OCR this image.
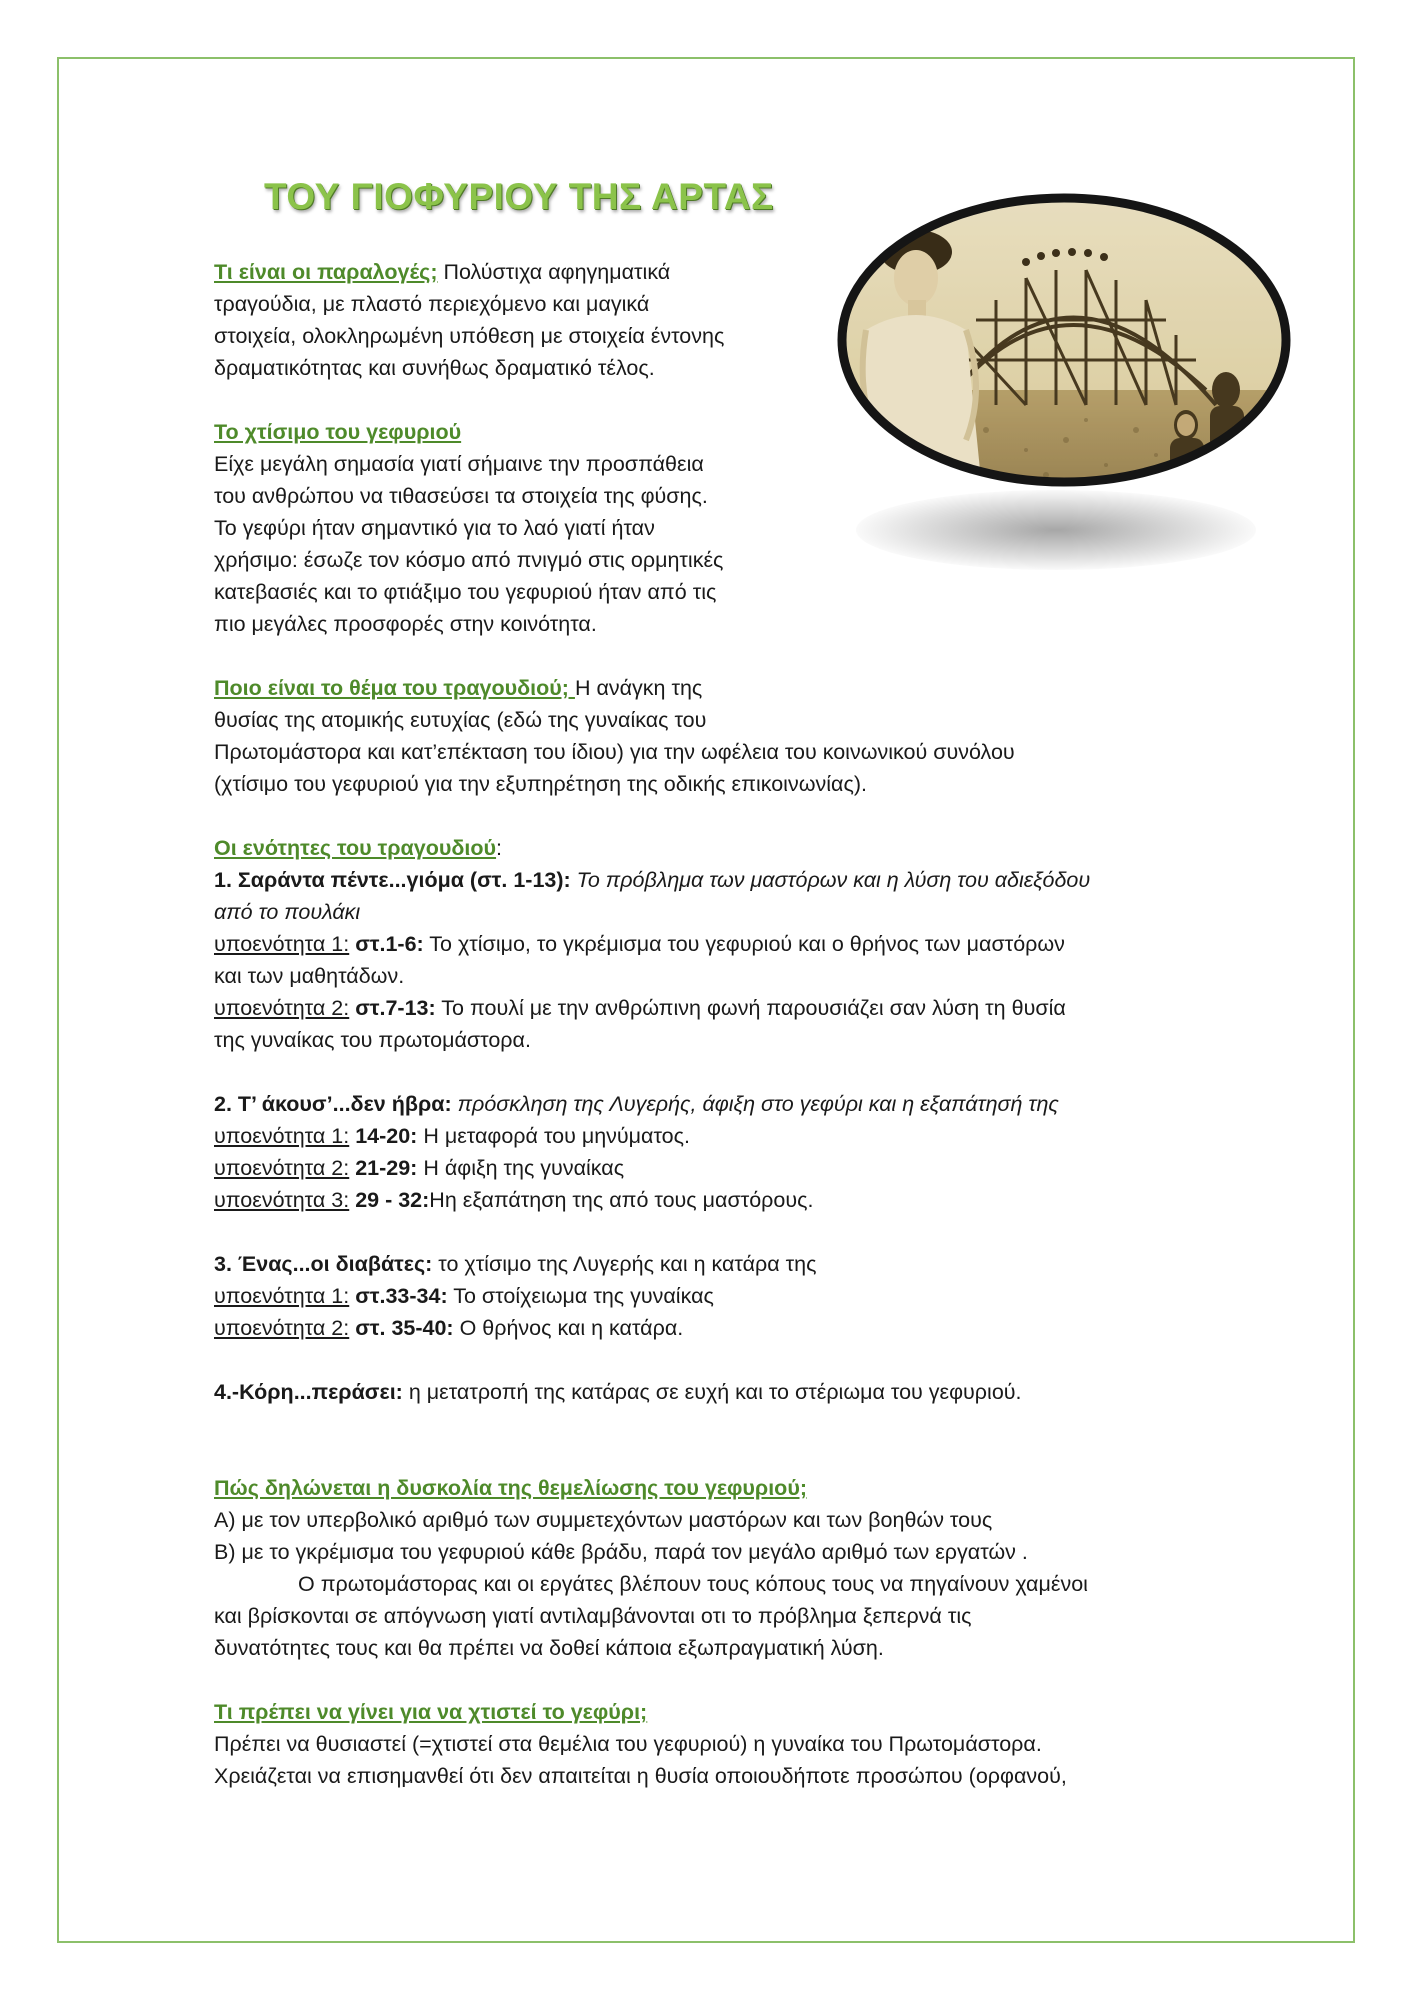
ΤΟΥ ΓΙΟΦΥΡΙΟΥ ΤΗΣ ΑΡΤΑΣ
Τι είναι οι παραλογές; Πολύστιχα αφηγηματικά
τραγούδια, με πλαστό περιεχόμενο και μαγικά
στοιχεία, ολοκληρωμένη υπόθεση με στοιχεία έντονης
δραματικότητας και συνήθως δραματικό τέλος.
Το χτίσιμο του γεφυριού
Είχε μεγάλη σημασία γιατί σήμαινε την προσπάθεια
του ανθρώπου να τιθασεύσει τα στοιχεία της φύσης.
Το γεφύρι ήταν σημαντικό για το λαό γιατί ήταν
χρήσιμο: έσωζε τον κόσμο από πνιγμό στις ορμητικές
κατεβασιές και το φτιάξιμο του γεφυριού ήταν από τις
πιο μεγάλες προσφορές στην κοινότητα.
Ποιο είναι το θέμα του τραγουδιού; Η ανάγκη της
θυσίας της ατομικής ευτυχίας (εδώ της γυναίκας του
Πρωτομάστορα και κατ’επέκταση του ίδιου) για την ωφέλεια του κοινωνικού συνόλου
(χτίσιμο του γεφυριού για την εξυπηρέτηση της οδικής επικοινωνίας).
Οι ενότητες του τραγουδιού:
1. Σαράντα πέντε...γιόμα (στ. 1-13): Το πρόβλημα των μαστόρων και η λύση του αδιεξόδου
από το πουλάκι
υποενότητα 1: στ.1-6: Το χτίσιμο, το γκρέμισμα του γεφυριού και ο θρήνος των μαστόρων
και των μαθητάδων.
υποενότητα 2: στ.7-13: Το πουλί με την ανθρώπινη φωνή παρουσιάζει σαν λύση τη θυσία
της γυναίκας του πρωτομάστορα.

2. Τ’ άκουσ’...δεν ήβρα: πρόσκληση της Λυγερής, άφιξη στο γεφύρι και η εξαπάτησή της
υποενότητα 1: 14-20: Η μεταφορά του μηνύματος.
υποενότητα 2: 21-29: Η άφιξη της γυναίκας
υποενότητα 3: 29 - 32:Ηη εξαπάτηση της από τους μαστόρους.

3. Ένας...οι διαβάτες: το χτίσιμο της Λυγερής και η κατάρα της
υποενότητα 1: στ.33-34: Το στοίχειωμα της γυναίκας
υποενότητα 2: στ. 35-40: Ο θρήνος και η κατάρα.

4.-Κόρη...περάσει: η μετατροπή της κατάρας σε ευχή και το στέριωμα του γεφυριού.
Πώς δηλώνεται η δυσκολία της θεμελίωσης του γεφυριού;
Α) με τον υπερβολικό αριθμό των συμμετεχόντων μαστόρων και των βοηθών τους
Β) με το γκρέμισμα του γεφυριού κάθε βράδυ, παρά τον μεγάλο αριθμό των εργατών .
Ο πρωτομάστορας και οι εργάτες βλέπουν τους κόπους τους να πηγαίνουν χαμένοι
και βρίσκονται σε απόγνωση γιατί αντιλαμβάνονται οτι το πρόβλημα ξεπερνά τις
δυνατότητες τους και θα πρέπει να δοθεί κάποια εξωπραγματική λύση.
Τι πρέπει να γίνει για να χτιστεί το γεφύρι;
Πρέπει να θυσιαστεί (=χτιστεί στα θεμέλια του γεφυριού) η γυναίκα του Πρωτομάστορα.
Χρειάζεται να επισημανθεί ότι δεν απαιτείται η θυσία οποιουδήποτε προσώπου (ορφανού,
